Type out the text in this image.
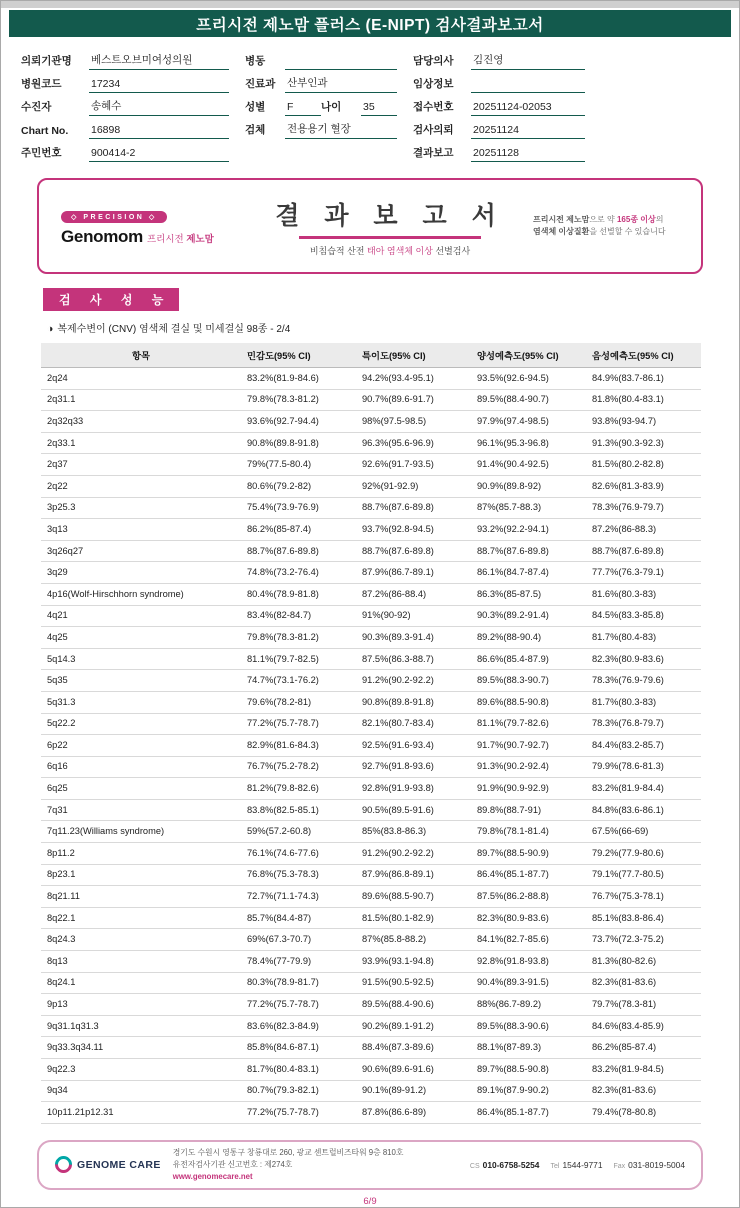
프리시전 제노맘 플러스 (E-NIPT) 검사결과보고서
의뢰기관명	베스트오브미여성의원
병원코드	17234
수진자	송혜수
Chart No.	16898
주민번호	900414-2
병동
진료과	산부인과
성별	F	나이	35
검체	전용용기 혈장
담당의사	김진영
임상정보
접수번호	20251124-02053
검사의뢰	20251124
결과보고	20251128
◇ PRECISION ◇
Genomom 프리시전 제노맘
결 과 보 고 서
비침습적 산전 태아 염색체 이상 선별검사
프리시전 제노맘으로 약 165종 이상의
염색체 이상질환을 선별할 수 있습니다
검 사 성 능
◑ 복제수변이 (CNV) 염색체 결실 및 미세결실 98종 - 2/4
항목	민감도(95% CI)	특이도(95% CI)	양성예측도(95% CI)	음성예측도(95% CI)
2q24	83.2%(81.9-84.6)	94.2%(93.4-95.1)	93.5%(92.6-94.5)	84.9%(83.7-86.1)
2q31.1	79.8%(78.3-81.2)	90.7%(89.6-91.7)	89.5%(88.4-90.7)	81.8%(80.4-83.1)
2q32q33	93.6%(92.7-94.4)	98%(97.5-98.5)	97.9%(97.4-98.5)	93.8%(93-94.7)
2q33.1	90.8%(89.8-91.8)	96.3%(95.6-96.9)	96.1%(95.3-96.8)	91.3%(90.3-92.3)
2q37	79%(77.5-80.4)	92.6%(91.7-93.5)	91.4%(90.4-92.5)	81.5%(80.2-82.8)
2q22	80.6%(79.2-82)	92%(91-92.9)	90.9%(89.8-92)	82.6%(81.3-83.9)
3p25.3	75.4%(73.9-76.9)	88.7%(87.6-89.8)	87%(85.7-88.3)	78.3%(76.9-79.7)
3q13	86.2%(85-87.4)	93.7%(92.8-94.5)	93.2%(92.2-94.1)	87.2%(86-88.3)
3q26q27	88.7%(87.6-89.8)	88.7%(87.6-89.8)	88.7%(87.6-89.8)	88.7%(87.6-89.8)
3q29	74.8%(73.2-76.4)	87.9%(86.7-89.1)	86.1%(84.7-87.4)	77.7%(76.3-79.1)
4p16(Wolf-Hirschhorn syndrome)	80.4%(78.9-81.8)	87.2%(86-88.4)	86.3%(85-87.5)	81.6%(80.3-83)
4q21	83.4%(82-84.7)	91%(90-92)	90.3%(89.2-91.4)	84.5%(83.3-85.8)
4q25	79.8%(78.3-81.2)	90.3%(89.3-91.4)	89.2%(88-90.4)	81.7%(80.4-83)
5q14.3	81.1%(79.7-82.5)	87.5%(86.3-88.7)	86.6%(85.4-87.9)	82.3%(80.9-83.6)
5q35	74.7%(73.1-76.2)	91.2%(90.2-92.2)	89.5%(88.3-90.7)	78.3%(76.9-79.6)
5q31.3	79.6%(78.2-81)	90.8%(89.8-91.8)	89.6%(88.5-90.8)	81.7%(80.3-83)
5q22.2	77.2%(75.7-78.7)	82.1%(80.7-83.4)	81.1%(79.7-82.6)	78.3%(76.8-79.7)
6p22	82.9%(81.6-84.3)	92.5%(91.6-93.4)	91.7%(90.7-92.7)	84.4%(83.2-85.7)
6q16	76.7%(75.2-78.2)	92.7%(91.8-93.6)	91.3%(90.2-92.4)	79.9%(78.6-81.3)
6q25	81.2%(79.8-82.6)	92.8%(91.9-93.8)	91.9%(90.9-92.9)	83.2%(81.9-84.4)
7q31	83.8%(82.5-85.1)	90.5%(89.5-91.6)	89.8%(88.7-91)	84.8%(83.6-86.1)
7q11.23(Williams syndrome)	59%(57.2-60.8)	85%(83.8-86.3)	79.8%(78.1-81.4)	67.5%(66-69)
8p11.2	76.1%(74.6-77.6)	91.2%(90.2-92.2)	89.7%(88.5-90.9)	79.2%(77.9-80.6)
8p23.1	76.8%(75.3-78.3)	87.9%(86.8-89.1)	86.4%(85.1-87.7)	79.1%(77.7-80.5)
8q21.11	72.7%(71.1-74.3)	89.6%(88.5-90.7)	87.5%(86.2-88.8)	76.7%(75.3-78.1)
8q22.1	85.7%(84.4-87)	81.5%(80.1-82.9)	82.3%(80.9-83.6)	85.1%(83.8-86.4)
8q24.3	69%(67.3-70.7)	87%(85.8-88.2)	84.1%(82.7-85.6)	73.7%(72.3-75.2)
8q13	78.4%(77-79.9)	93.9%(93.1-94.8)	92.8%(91.8-93.8)	81.3%(80-82.6)
8q24.1	80.3%(78.9-81.7)	91.5%(90.5-92.5)	90.4%(89.3-91.5)	82.3%(81-83.6)
9p13	77.2%(75.7-78.7)	89.5%(88.4-90.6)	88%(86.7-89.2)	79.7%(78.3-81)
9q31.1q31.3	83.6%(82.3-84.9)	90.2%(89.1-91.2)	89.5%(88.3-90.6)	84.6%(83.4-85.9)
9q33.3q34.11	85.8%(84.6-87.1)	88.4%(87.3-89.6)	88.1%(87-89.3)	86.2%(85-87.4)
9q22.3	81.7%(80.4-83.1)	90.6%(89.6-91.6)	89.7%(88.5-90.8)	83.2%(81.9-84.5)
9q34	80.7%(79.3-82.1)	90.1%(89-91.2)	89.1%(87.9-90.2)	82.3%(81-83.6)
10p11.21p12.31	77.2%(75.7-78.7)	87.8%(86.6-89)	86.4%(85.1-87.7)	79.4%(78-80.8)
GENOME CARE
경기도 수원시 영통구 창룡대로 260, 광교 센트럴비즈타워 9층 810호
유전자검사기관 신고번호 : 제274호
www.genomecare.net
CS 010-6758-5254 Tel 1544-9771 Fax 031-8019-5004
6/9
